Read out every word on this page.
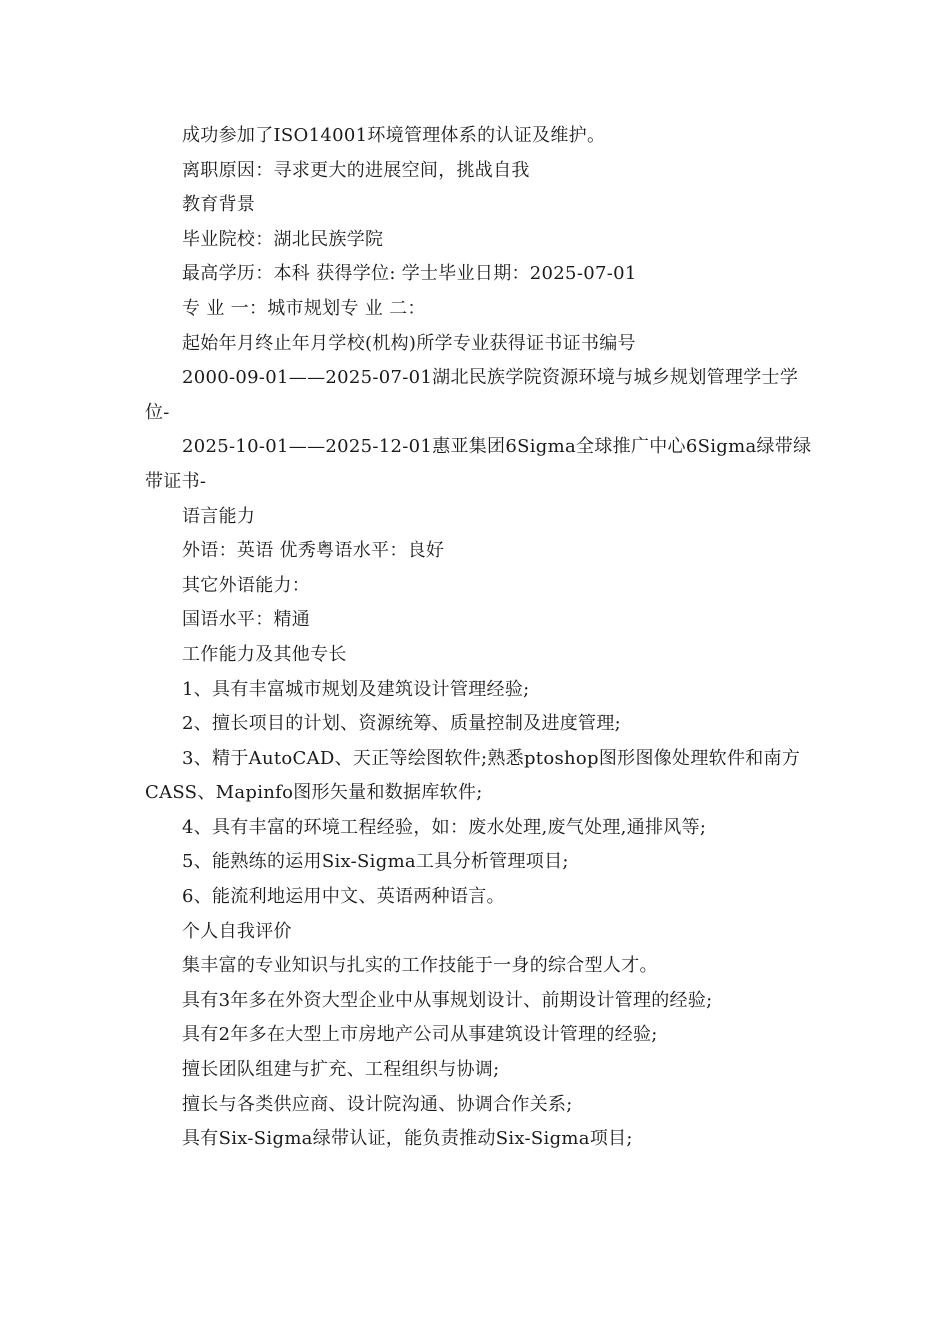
成功参加了ISO14001环境管理体系的认证及维护。
离职原因：寻求更大的进展空间，挑战自我
教育背景
毕业院校：湖北民族学院
最高学历：本科 获得学位: 学士毕业日期：2025-07-01
专 业 一：城市规划专 业 二：
起始年月终止年月学校(机构)所学专业获得证书证书编号
2000-09-01——2025-07-01湖北民族学院资源环境与城乡规划管理学士学
位-
2025-10-01——2025-12-01惠亚集团6Sigma全球推广中心6Sigma绿带绿
带证书-
语言能力
外语：英语 优秀粤语水平：良好
其它外语能力：
国语水平：精通
工作能力及其他专长
1、具有丰富城市规划及建筑设计管理经验;
2、擅长项目的计划、资源统筹、质量控制及进度管理;
3、精于AutoCAD、天正等绘图软件;熟悉ptoshop图形图像处理软件和南方
CASS、Mapinfo图形矢量和数据库软件;
4、具有丰富的环境工程经验，如：废水处理,废气处理,通排风等;
5、能熟练的运用Six-Sigma工具分析管理项目;
6、能流利地运用中文、英语两种语言。
个人自我评价
集丰富的专业知识与扎实的工作技能于一身的综合型人才。
具有3年多在外资大型企业中从事规划设计、前期设计管理的经验;
具有2年多在大型上市房地产公司从事建筑设计管理的经验;
擅长团队组建与扩充、工程组织与协调;
擅长与各类供应商、设计院沟通、协调合作关系;
具有Six-Sigma绿带认证，能负责推动Six-Sigma项目;
